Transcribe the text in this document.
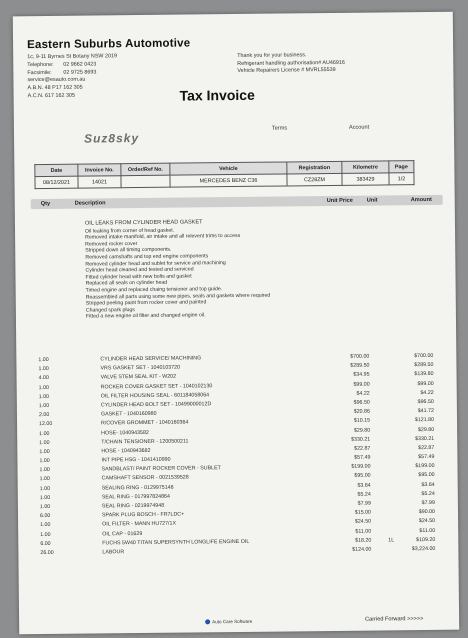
Eastern Suburbs Automotive
1c, 9-11 Byrnes St Botany NSW 2019
Telephone: 02 9662 0423
Facsimile: 02 9725 8693
service@esauto.com.au
A.B.N. 48 P17 162 305
A.C.N. 617 162 305
Thank you for your business.
Refrigerant handling authorisation# AU46916
Vehicle Repairers License # MVRL55539
Tax Invoice
Suz8sky
Terms	Account
Date	Invoice No.	Order/Ref No.	Vehicle	Registration	Kilometre	Page
08/12/2021	14021		MERCEDES BENZ C36	CZ28ZM	383429	1/2
Qty	Description	Unit Price Unit	Amount
OIL LEAKS FROM CYLINDER HEAD GASKET
Oil leaking from corner of head gasket.
Removed intake manifold, air intake and all relevent trims to access
Removed rocker cover
Stripped down all timing components.
Removed camshafts and top end engine components
Removed cylinder head and sublet for service and machining
Cylinder head cleaned and tested and serviced
Fitted cylinder head with new bolts and gasket
Replaced all seals on cylinder head
Timed engine and replaced chaing tensioner and top guide.
Reassembled all parts using some new pipes, seals and gaskets where required
Stripped peeling paint from rocker cover and painted
Changed spark plugs
Fitted a new engine oil filter and changed engine oil.
1.00	CYLINDER HEAD SERVICE/ MACHINING	$700.00	$700.00
1.00	VRS GASKET SET - 1040103720	$289.50	$289.50
4.00	VALVE STEM SEAL KIT - W202	$34.95	$139.80
1.00	ROCKER COVER GASKET SET - 1040102130	$99.00	$99.00
1.00	OIL FILTER HOUSING SEAL - 601184058064	$4.22	$4.22
1.00	CYLINDER HEAD BOLT SET - 10499000012D	$96.50	$96.50
2.00	GASKET - 1040160980	$20.86	$41.72
12.00	R/COVER GROMMET - 1040160364	$10.15	$121.80
1.00	HOSE- 1040943582	$29.80	$29.80
1.00	T/CHAIN TENSIONER - 1200500211	$330.21	$330.21
1.00	HOSE - 1040943682	$22.87	$22.87
1.00	INT PIPE HSG - 1041410990	$57.49	$57.49
1.00	SANDBLAST/ PAINT ROCKER COVER - SUBLET	$199.00	$199.00
1.00	CAMSHAFT SENSOR - 0021539528	$95.00	$95.00
1.00	SEALING RING - 0129975148	$3.64	$3.64
1.00	SEAL RING - 017997824864	$5.24	$5.24
1.00	SEAL RING - 0219974948	$7.99	$7.99
6.00	SPARK PLUG BOSCH - FR7LDC+	$15.00	$90.00
1.00	OIL FILTER - MANN HU727/1X	$24.50	$24.50
1.00	OIL CAP - 01629	$11.00	$11.00
6.00	FUCHS 5W40 TITAN SUPERSYNTH LONGLIFE ENGINE OIL	$18.20	1L	$109.20
26.00	LABOUR	$124.00	$3,224.00
Auto Care Software	Carried Forward >>>>>
